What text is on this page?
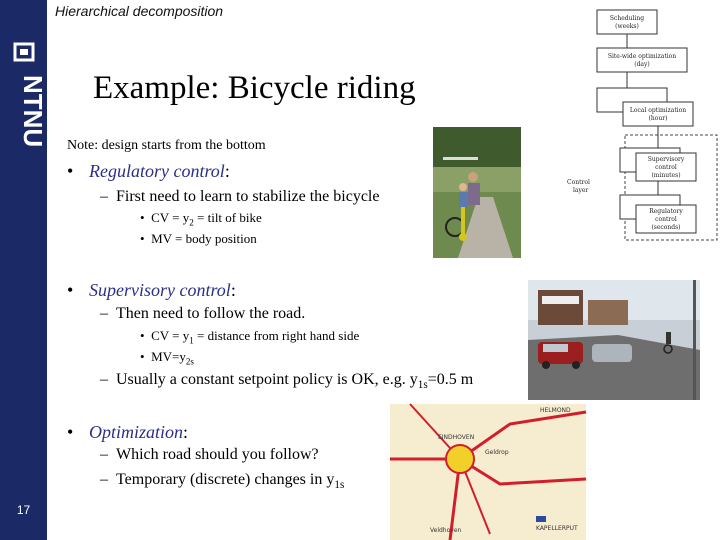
NTNU
17
Hierarchical decomposition
Example: Bicycle riding
Note: design starts from the bottom
• Regulatory control:
–  First need to learn to stabilize the bicycle
•  CV = $y_2$ = tilt of bike
•  MV = body position
• Supervisory control:
–  Then need to follow the road.
•  CV = $y_1$ = distance from right hand side
•  $MV=y_{2s}$
–  Usually a constant setpoint policy is OK, e.g. $y_{1s}=0.5$ m
• Optimization:
–  Which road should you follow?
–  Temporary (discrete) changes in $y_{1s}$
EINDHOVEN
HELMOND
KAPELLERPUT
Geldrop
Veldhoven
Scheduling
(weeks)
Site-wide optimization
(day)
Local optimization
(hour)
Supervisory
control
(minutes)
Regulatory
control
(seconds)
Control
layer
